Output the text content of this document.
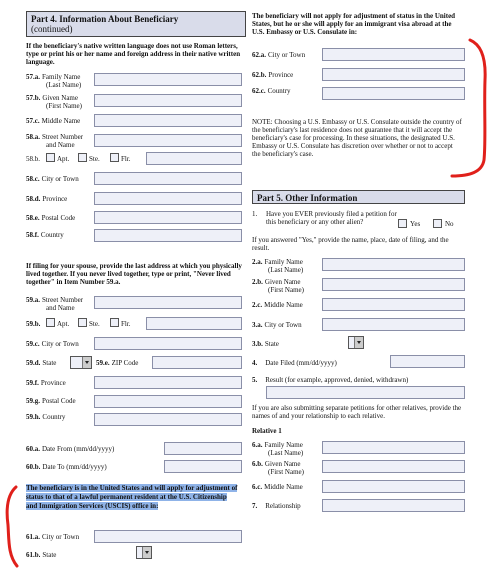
Part 4. Information About Beneficiary
(continued)
If the beneficiary's native written language does not use Roman letters, type or print his or her name and foreign address in their native written language.
57.a. Family Name
(Last Name)
57.b. Given Name
(First Name)
57.c. Middle Name
58.a. Street Number
and Name
58.b. Apt.	Ste.	Flr.
58.c. City or Town
58.d. Province
58.e. Postal Code
58.f. Country
If filing for your spouse, provide the last address at which you physically lived together. If you never lived together, type or print, "Never lived together" in Item Number 59.a.
59.a. Street Number
and Name
59.b. Apt.	Ste.	Flr.
59.c. City or Town
59.d. State	59.e. ZIP Code
59.f. Province
59.g. Postal Code
59.h. Country
60.a. Date From (mm/dd/yyyy)
60.b. Date To (mm/dd/yyyy)
The beneficiary is in the United States and will apply for adjustment of status to that of a lawful permanent resident at the U.S. Citizenship and Immigration Services (USCIS) office in:
61.a. City or Town
61.b. State
The beneficiary will not apply for adjustment of status in the United States, but he or she will apply for an immigrant visa abroad at the U.S. Embassy or U.S. Consulate in:
62.a. City or Town
62.b. Province
62.c. Country
NOTE: Choosing a U.S. Embassy or U.S. Consulate outside the country of the beneficiary's last residence does not guarantee that it will accept the beneficiary's case for processing. In these situations, the designated U.S. Embassy or U.S. Consulate has discretion over whether or not to accept the beneficiary's case.
Part 5. Other Information
1. Have you EVER previously filed a petition for this beneficiary or any other alien?	Yes	No
If you answered "Yes," provide the name, place, date of filing, and the result.
2.a. Family Name
(Last Name)
2.b. Given Name
(First Name)
2.c. Middle Name
3.a. City or Town
3.b. State
4. Date Filed (mm/dd/yyyy)
5. Result (for example, approved, denied, withdrawn)
If you are also submitting separate petitions for other relatives, provide the names of and your relationship to each relative.
Relative 1
6.a. Family Name
(Last Name)
6.b. Given Name
(First Name)
6.c. Middle Name
7. Relationship
